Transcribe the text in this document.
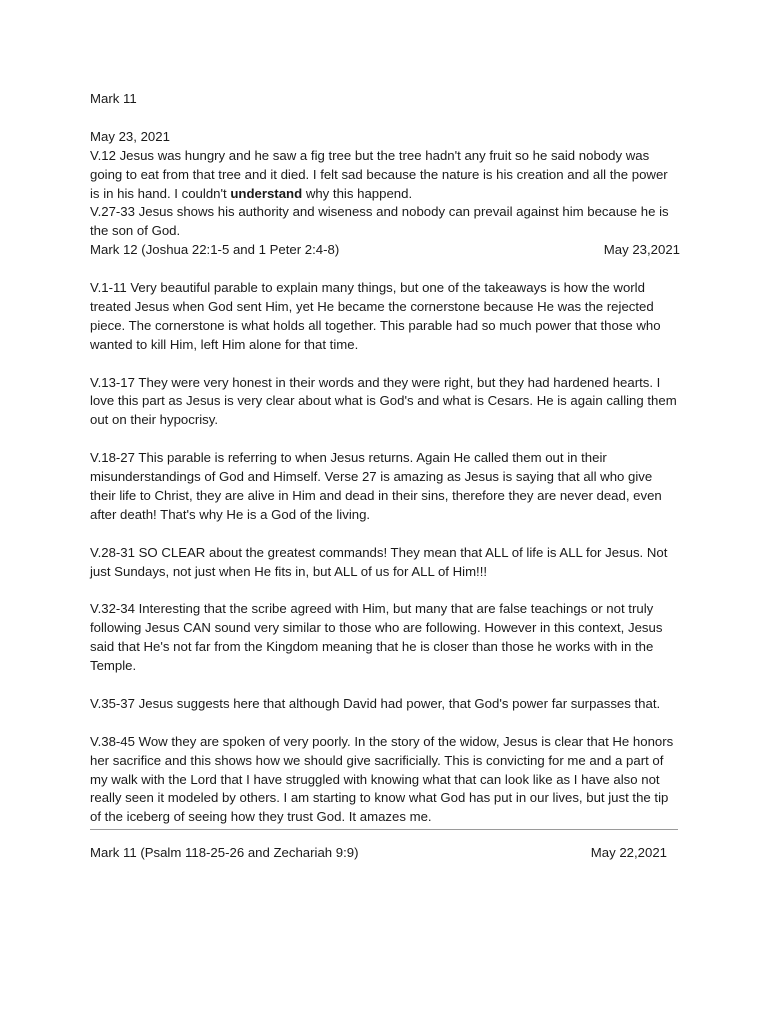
Mark 11

May 23, 2021

V.12 Jesus was hungry and he saw a fig tree but the tree hadn't any fruit so he said nobody was going to eat from that tree and it died. I felt sad because the nature is his creation and all the power is in his hand. I couldn't understand why this happend.

V.27-33 Jesus shows his authority and wiseness and nobody can prevail against him because he is the son of God.

Mark 12 (Joshua 22:1-5 and 1 Peter 2:4-8)	May 23,2021

V.1-11 Very beautiful parable to explain many things, but one of the takeaways is how the world treated Jesus when God sent Him, yet He became the cornerstone because He was the rejected piece. The cornerstone is what holds all together. This parable had so much power that those who wanted to kill Him, left Him alone for that time.

V.13-17 They were very honest in their words and they were right, but they had hardened hearts. I love this part as Jesus is very clear about what is God's and what is Cesars. He is again calling them out on their hypocrisy.

V.18-27 This parable is referring to when Jesus returns. Again He called them out in their misunderstandings of God and Himself. Verse 27 is amazing as Jesus is saying that all who give their life to Christ, they are alive in Him and dead in their sins, therefore they are never dead, even after death! That's why He is a God of the living.

V.28-31 SO CLEAR about the greatest commands! They mean that ALL of life is ALL for Jesus. Not just Sundays, not just when He fits in, but ALL of us for ALL of Him!!!

V.32-34 Interesting that the scribe agreed with Him, but many that are false teachings or not truly following Jesus CAN sound very similar to those who are following. However in this context, Jesus said that He's not far from the Kingdom meaning that he is closer than those he works with in the Temple.

V.35-37 Jesus suggests here that although David had power, that God's power far surpasses that.

V.38-45 Wow they are spoken of very poorly. In the story of the widow, Jesus is clear that He honors her sacrifice and this shows how we should give sacrificially. This is convicting for me and a part of my walk with the Lord that I have struggled with knowing what that can look like as I have also not really seen it modeled by others. I am starting to know what God has put in our lives, but just the tip of the iceberg of seeing how they trust God. It amazes me.

Mark 11 (Psalm 118-25-26 and Zechariah 9:9)	May 22,2021
